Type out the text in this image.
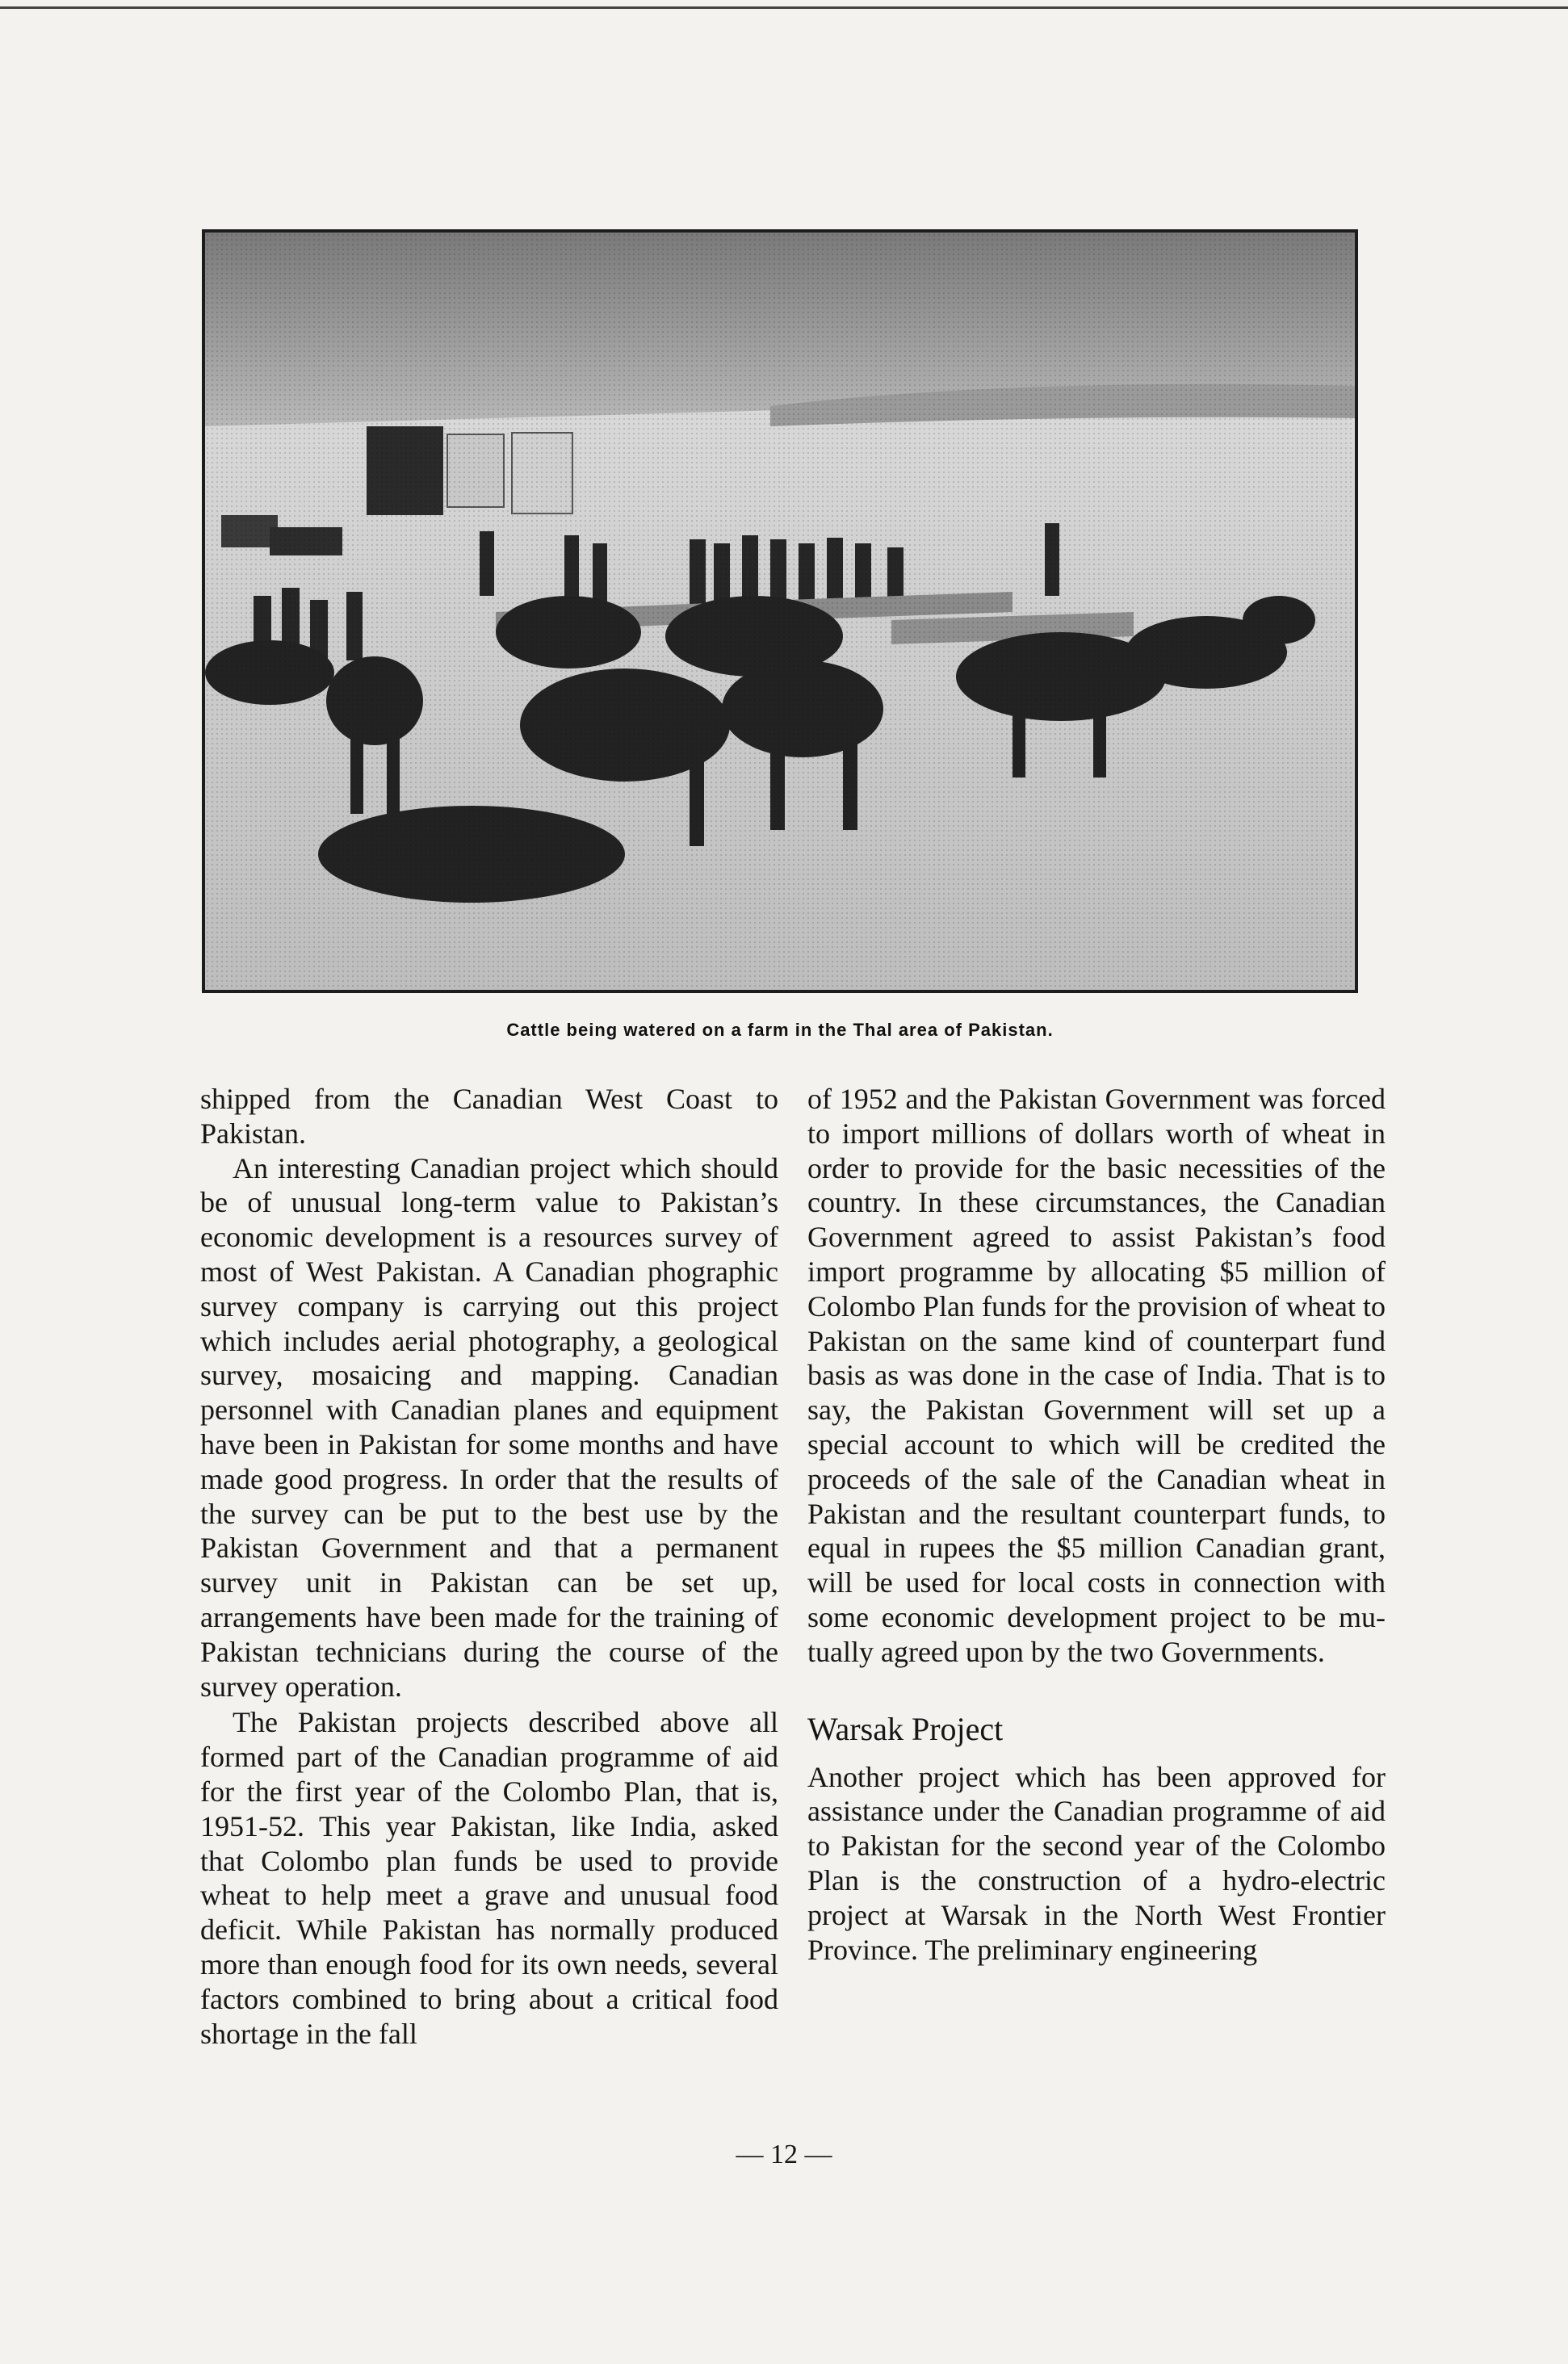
Cattle being watered on a farm in the Thal area of Pakistan.

shipped from the Canadian West Coast to Pakistan.

An interesting Canadian project which should be of unusual long-term value to Pakistan’s economic development is a resources survey of most of West Pakistan. A Canadian phographic survey company is carrying out this project which includes aerial photography, a geological survey, mosaicing and mapping. Canadian personnel with Canadian planes and equipment have been in Pakistan for some months and have made good progress. In order that the results of the survey can be put to the best use by the Pakistan Government and that a permanent survey unit in Pakistan can be set up, arrangements have been made for the training of Pakistan technicians during the course of the survey operation.

The Pakistan projects described above all formed part of the Canadian programme of aid for the first year of the Colombo Plan, that is, 1951-52. This year Pakistan, like India, asked that Colombo plan funds be used to provide wheat to help meet a grave and unusual food deficit. While Pakistan has normally produced more than enough food for its own needs, several factors combined to bring about a critical food shortage in the fall

of 1952 and the Pakistan Government was forced to import millions of dollars worth of wheat in order to provide for the basic necessities of the country. In these circumstances, the Canadian Government agreed to assist Pakistan’s food import programme by allocating $5 million of Colombo Plan funds for the provision of wheat to Pakistan on the same kind of counterpart fund basis as was done in the case of India. That is to say, the Pakistan Government will set up a special account to which will be credited the proceeds of the sale of the Canadian wheat in Pakistan and the resultant counterpart funds, to equal in rupees the $5 million Canadian grant, will be used for local costs in connection with some economic development project to be mutually agreed upon by the two Governments.

Warsak Project

Another project which has been approved for assistance under the Canadian programme of aid to Pakistan for the second year of the Colombo Plan is the construction of a hydro-electric project at Warsak in the North West Frontier Province. The preliminary engineering

— 12 —
